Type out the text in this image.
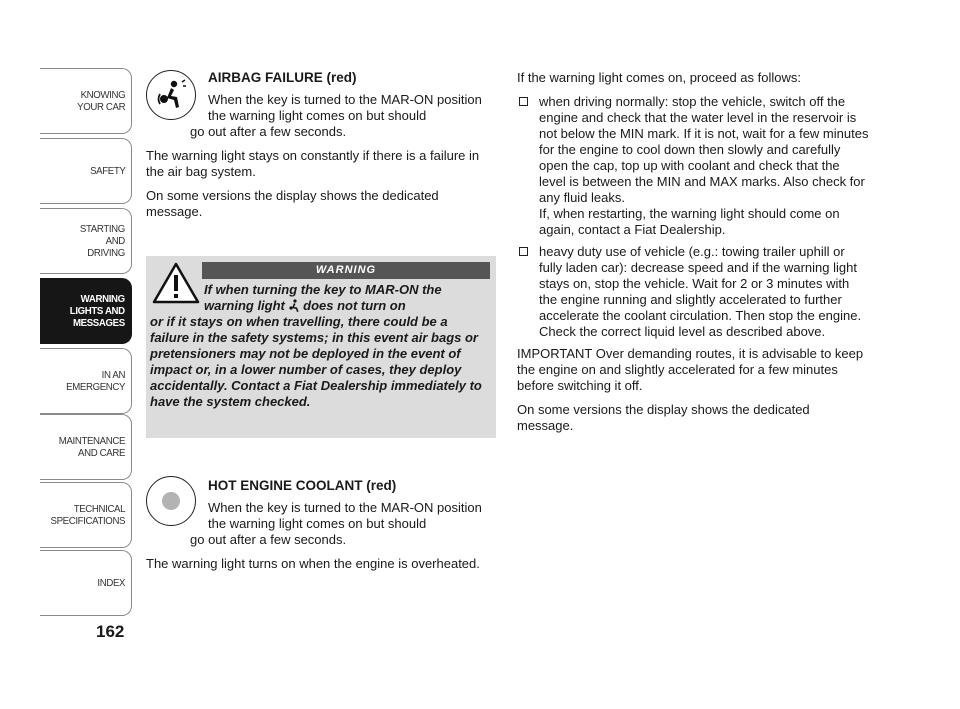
KNOWING
YOUR CAR
SAFETY
STARTING
AND
DRIVING
WARNING
LIGHTS AND
MESSAGES
IN AN
EMERGENCY
MAINTENANCE
AND CARE
TECHNICAL
SPECIFICATIONS
INDEX
162

AIRBAG FAILURE (red)

When the key is turned to the MAR-ON position the warning light comes on but should

go out after a few seconds.

The warning light stays on constantly if there is a failure in the air bag system.

On some versions the display shows the dedicated message.

WARNING
If when turning the key to MAR-ON the warning light does not turn on
or if it stays on when travelling, there could be a failure in the safety systems; in this event air bags or pretensioners may not be deployed in the event of impact or, in a lower number of cases, they deploy accidentally. Contact a Fiat Dealership immediately to have the system checked.

HOT ENGINE COOLANT (red)

When the key is turned to the MAR-ON position the warning light comes on but should

go out after a few seconds.

The warning light turns on when the engine is overheated.

If the warning light comes on, proceed as follows:

when driving normally: stop the vehicle, switch off the engine and check that the water level in the reservoir is not below the MIN mark. If it is not, wait for a few minutes for the engine to cool down then slowly and carefully open the cap, top up with coolant and check that the level is between the MIN and MAX marks. Also check for any fluid leaks.
If, when restarting, the warning light should come on again, contact a Fiat Dealership.
heavy duty use of vehicle (e.g.: towing trailer uphill or fully laden car): decrease speed and if the warning light stays on, stop the vehicle. Wait for 2 or 3 minutes with the engine running and slightly accelerated to further accelerate the coolant circulation. Then stop the engine. Check the correct liquid level as described above.

IMPORTANT Over demanding routes, it is advisable to keep the engine on and slightly accelerated for a few minutes before switching it off.

On some versions the display shows the dedicated message.
